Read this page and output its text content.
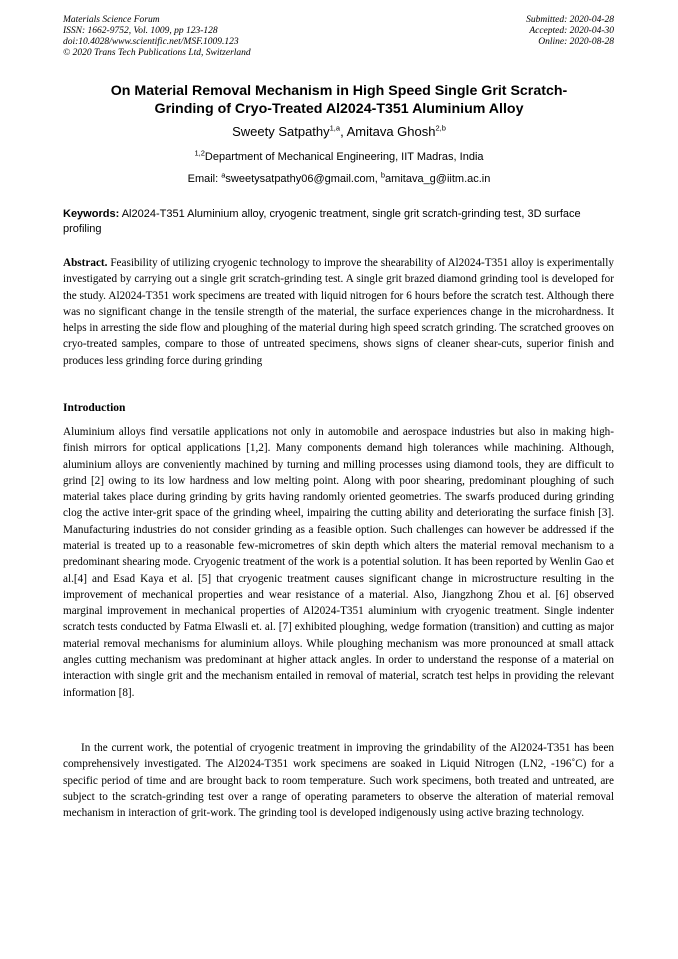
Materials Science Forum
ISSN: 1662-9752, Vol. 1009, pp 123-128
doi:10.4028/www.scientific.net/MSF.1009.123
© 2020 Trans Tech Publications Ltd, Switzerland
Submitted: 2020-04-28
Accepted: 2020-04-30
Online: 2020-08-28
On Material Removal Mechanism in High Speed Single Grit Scratch-
Grinding of Cryo-Treated Al2024-T351 Aluminium Alloy
Sweety Satpathy$^{1,a}$, Amitava Ghosh$^{2,b}$
$^{1,2}$Department of Mechanical Engineering, IIT Madras, India
Email: $^a$sweetysatpathy06@gmail.com, $^b$amitava_g@iitm.ac.in
Keywords: Al2024-T351 Aluminium alloy, cryogenic treatment, single grit scratch-grinding test, 3D surface profiling
Abstract. Feasibility of utilizing cryogenic technology to improve the shearability of Al2024-T351 alloy is experimentally investigated by carrying out a single grit scratch-grinding test. A single grit brazed diamond grinding tool is developed for the study. Al2024-T351 work specimens are treated with liquid nitrogen for 6 hours before the scratch test. Although there was no significant change in the tensile strength of the material, the surface experiences change in the microhardness. It helps in arresting the side flow and ploughing of the material during high speed scratch grinding. The scratched grooves on cryo-treated samples, compare to those of untreated specimens, shows signs of cleaner shear-cuts, superior finish and produces less grinding force during grinding
Introduction

Aluminium alloys find versatile applications not only in automobile and aerospace industries but also in making high-finish mirrors for optical applications [1,2]. Many components demand high tolerances while machining. Although, aluminium alloys are conveniently machined by turning and milling processes using diamond tools, they are difficult to grind [2] owing to its low hardness and low melting point. Along with poor shearing, predominant ploughing of such material takes place during grinding by grits having randomly oriented geometries. The swarfs produced during grinding clog the active inter-grit space of the grinding wheel, impairing the cutting ability and deteriorating the surface finish [3]. Manufacturing industries do not consider grinding as a feasible option. Such challenges can however be addressed if the material is treated up to a reasonable few-micrometres of skin depth which alters the material removal mechanism to a predominant shearing mode. Cryogenic treatment of the work is a potential solution. It has been reported by Wenlin Gao et al.[4] and Esad Kaya et al. [5] that cryogenic treatment causes significant change in microstructure resulting in the improvement of mechanical properties and wear resistance of a material. Also, Jiangzhong Zhou et al. [6] observed marginal improvement in mechanical properties of Al2024-T351 aluminium with cryogenic treatment. Single indenter scratch tests conducted by Fatma Elwasli et. al. [7] exhibited ploughing, wedge formation (transition) and cutting as major material removal mechanisms for aluminium alloys. While ploughing mechanism was more pronounced at small attack angles cutting mechanism was predominant at higher attack angles. In order to understand the response of a material on interaction with single grit and the mechanism entailed in removal of material, scratch test helps in providing the relevant information [8].

In the current work, the potential of cryogenic treatment in improving the grindability of the Al2024-T351 has been comprehensively investigated. The Al2024-T351 work specimens are soaked in Liquid Nitrogen (LN2, -196˚C) for a specific period of time and are brought back to room temperature. Such work specimens, both treated and untreated, are subject to the scratch-grinding test over a range of operating parameters to observe the alteration of material removal mechanism in interaction of grit-work. The grinding tool is developed indigenously using active brazing technology.
